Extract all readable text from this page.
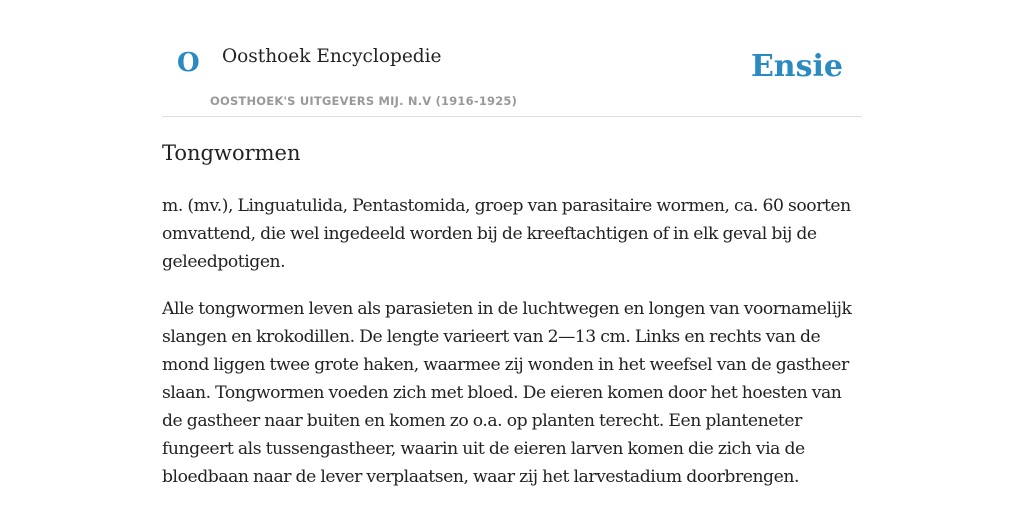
O Oosthoek Encyclopedie
OOSTHOEK'S UITGEVERS MIJ. N.V (1916-1925)
Ensie
Tongwormen

m. (mv.), Linguatulida, Pentastomida, groep van parasitaire wormen, ca. 60 soorten omvattend, die wel ingedeeld worden bij de kreeftachtigen of in elk geval bij de geleedpotigen.

Alle tongwormen leven als parasieten in de luchtwegen en longen van voornamelijk slangen en krokodillen. De lengte varieert van 2—13 cm. Links en rechts van de mond liggen twee grote haken, waarmee zij wonden in het weefsel van de gastheer slaan. Tongwormen voeden zich met bloed. De eieren komen door het hoesten van de gastheer naar buiten en komen zo o.a. op planten terecht. Een planteneter fungeert als tussengastheer, waarin uit de eieren larven komen die zich via de bloedbaan naar de lever verplaatsen, waar zij het larvestadium doorbrengen.
